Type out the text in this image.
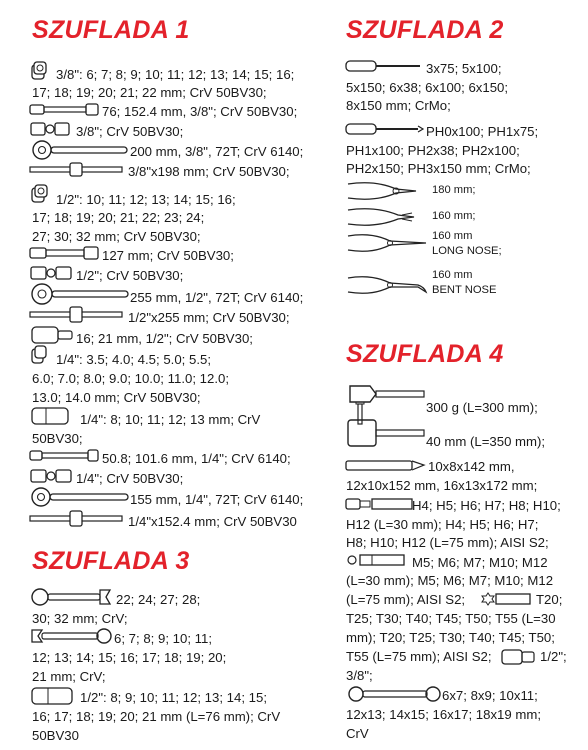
SZUFLADA 1
3/8": 6; 7; 8; 9; 10; 11; 12; 13; 14; 15; 16;
17; 18; 19; 20; 21; 22 mm; CrV 50BV30;
76; 152.4 mm, 3/8"; CrV 50BV30;
3/8"; CrV 50BV30;
200 mm, 3/8", 72T; CrV 6140;
3/8"x198 mm; CrV 50BV30;
1/2": 10; 11; 12; 13; 14; 15; 16;
17; 18; 19; 20; 21; 22; 23; 24;
27; 30; 32 mm; CrV 50BV30;
127 mm; CrV 50BV30;
1/2"; CrV 50BV30;
255 mm, 1/2", 72T; CrV 6140;
1/2"x255 mm; CrV 50BV30;
16; 21 mm, 1/2"; CrV 50BV30;
1/4": 3.5; 4.0; 4.5; 5.0; 5.5;
6.0; 7.0; 8.0; 9.0; 10.0; 11.0; 12.0;
13.0; 14.0 mm; CrV 50BV30;
1/4": 8; 10; 11; 12; 13 mm; CrV
50BV30;
50.8; 101.6 mm, 1/4"; CrV 6140;
1/4"; CrV 50BV30;
155 mm, 1/4", 72T; CrV 6140;
1/4"x152.4 mm; CrV 50BV30
SZUFLADA 3
22; 24; 27; 28;
30; 32 mm; CrV;
6; 7; 8; 9; 10; 11;
12; 13; 14; 15; 16; 17; 18; 19; 20;
21 mm; CrV;
1/2": 8; 9; 10; 11; 12; 13; 14; 15;
16; 17; 18; 19; 20; 21 mm (L=76 mm); CrV
50BV30
SZUFLADA 2
3x75; 5x100;
5x150; 6x38; 6x100; 6x150;
8x150 mm; CrMo;
PH0x100; PH1x75;
PH1x100; PH2x38; PH2x100;
PH2x150; PH3x150 mm; CrMo;
180 mm;
160 mm;
160 mm
LONG NOSE;
160 mm
BENT NOSE
SZUFLADA 4
300 g (L=300 mm);
40 mm (L=350 mm);
10x8x142 mm,
12x10x152 mm, 16x13x172 mm;
H4; H5; H6; H7; H8; H10;
H12 (L=30 mm); H4; H5; H6; H7;
H8; H10; H12 (L=75 mm); AISI S2;
M5; M6; M7; M10; M12
(L=30 mm); M5; M6; M7; M10; M12
(L=75 mm); AISI S2;	T20;
T25; T30; T40; T45; T50; T55 (L=30
mm); T20; T25; T30; T40; T45; T50;
T55 (L=75 mm); AISI S2;	1/2";
3/8";
6x7; 8x9; 10x11;
12x13; 14x15; 16x17; 18x19 mm;
CrV
